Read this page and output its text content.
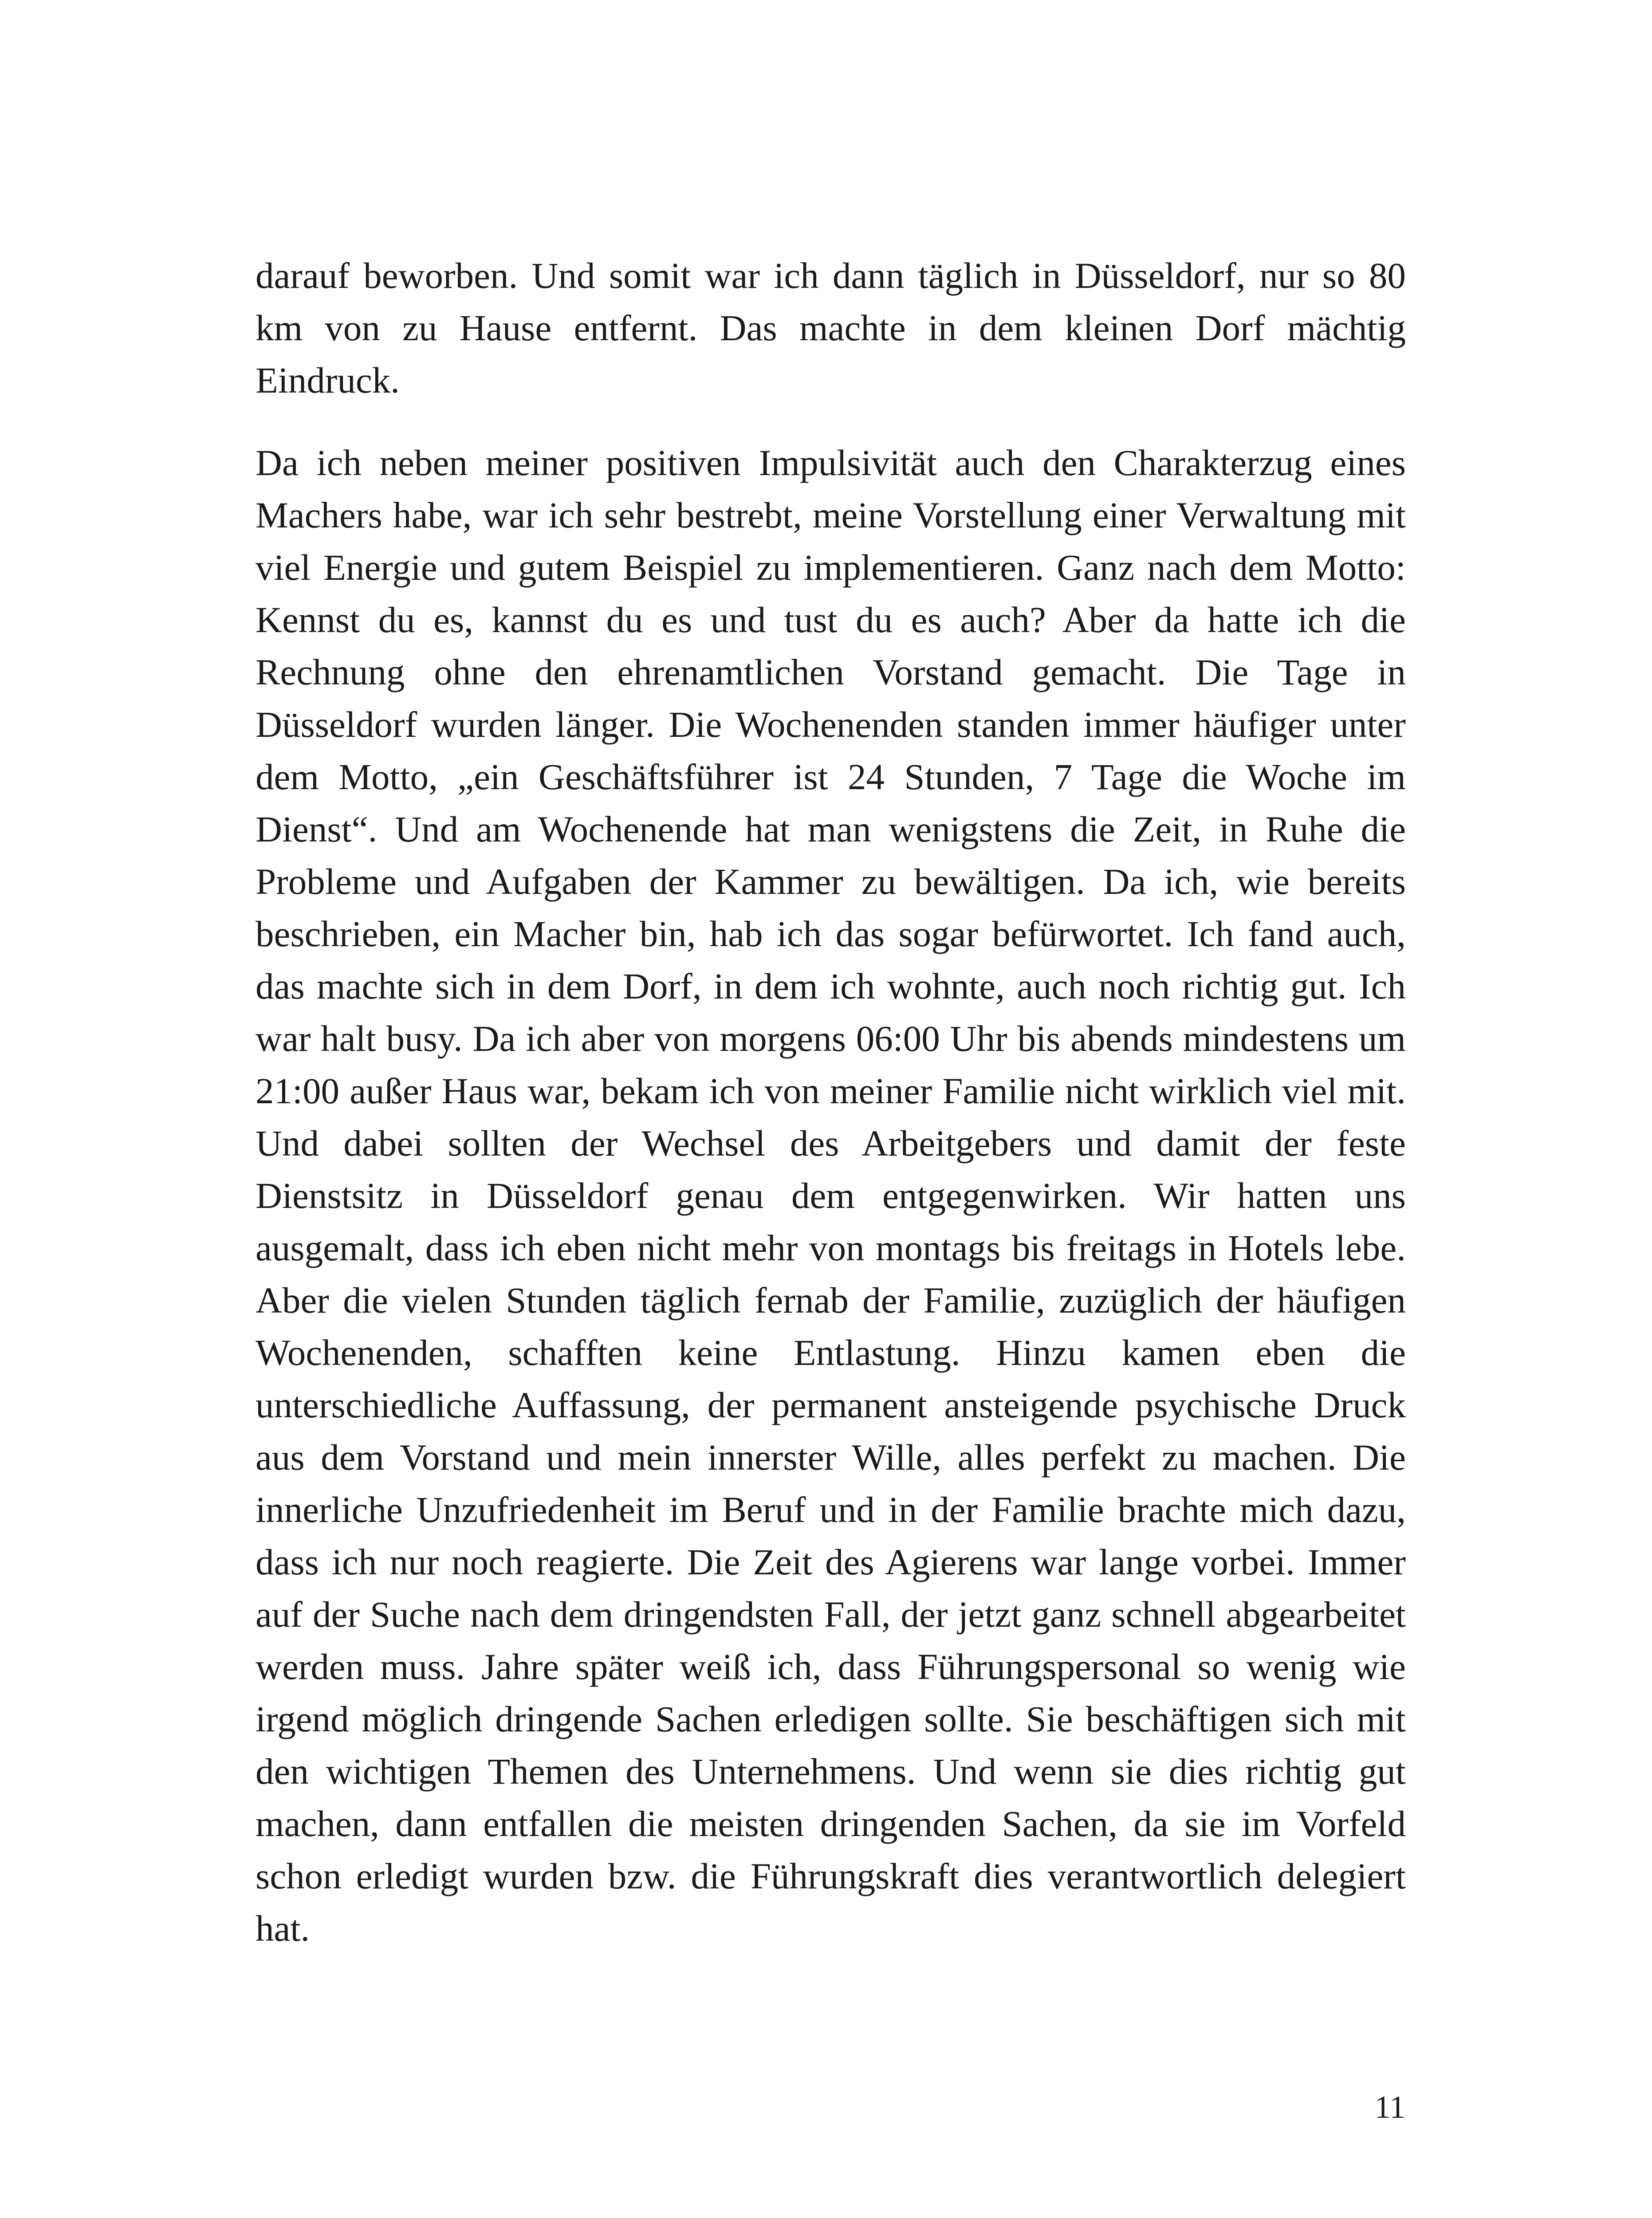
darauf beworben. Und somit war ich dann täglich in Düsseldorf, nur so 80 km von zu Hause entfernt. Das machte in dem kleinen Dorf mächtig Eindruck.

Da ich neben meiner positiven Impulsivität auch den Charakterzug eines Machers habe, war ich sehr bestrebt, meine Vorstellung einer Verwaltung mit viel Energie und gutem Beispiel zu implementieren. Ganz nach dem Motto: Kennst du es, kannst du es und tust du es auch? Aber da hatte ich die Rechnung ohne den ehrenamtlichen Vorstand gemacht. Die Tage in Düsseldorf wurden länger. Die Wochenenden standen immer häufiger unter dem Motto, „ein Geschäftsführer ist 24 Stunden, 7 Tage die Woche im Dienst“. Und am Wochenende hat man wenigstens die Zeit, in Ruhe die Probleme und Aufgaben der Kammer zu bewältigen. Da ich, wie bereits beschrieben, ein Macher bin, hab ich das sogar befürwortet. Ich fand auch, das machte sich in dem Dorf, in dem ich wohnte, auch noch richtig gut. Ich war halt busy. Da ich aber von morgens 06:00 Uhr bis abends mindestens um 21:00 außer Haus war, bekam ich von meiner Familie nicht wirklich viel mit. Und dabei sollten der Wechsel des Arbeitgebers und damit der feste Dienstsitz in Düsseldorf genau dem entgegenwirken. Wir hatten uns ausgemalt, dass ich eben nicht mehr von montags bis freitags in Hotels lebe. Aber die vielen Stunden täglich fernab der Familie, zuzüglich der häufigen Wochenenden, schafften keine Entlastung. Hinzu kamen eben die unterschiedliche Auffassung, der permanent ansteigende psychische Druck aus dem Vorstand und mein innerster Wille, alles perfekt zu machen. Die innerliche Unzufriedenheit im Beruf und in der Familie brachte mich dazu, dass ich nur noch reagierte. Die Zeit des Agierens war lange vorbei. Immer auf der Suche nach dem dringendsten Fall, der jetzt ganz schnell abgearbeitet werden muss. Jahre später weiß ich, dass Führungspersonal so wenig wie irgend möglich dringende Sachen erledigen sollte. Sie beschäftigen sich mit den wichtigen Themen des Unternehmens. Und wenn sie dies richtig gut machen, dann entfallen die meisten dringenden Sachen, da sie im Vorfeld schon erledigt wurden bzw. die Führungskraft dies verantwortlich delegiert hat.

11
